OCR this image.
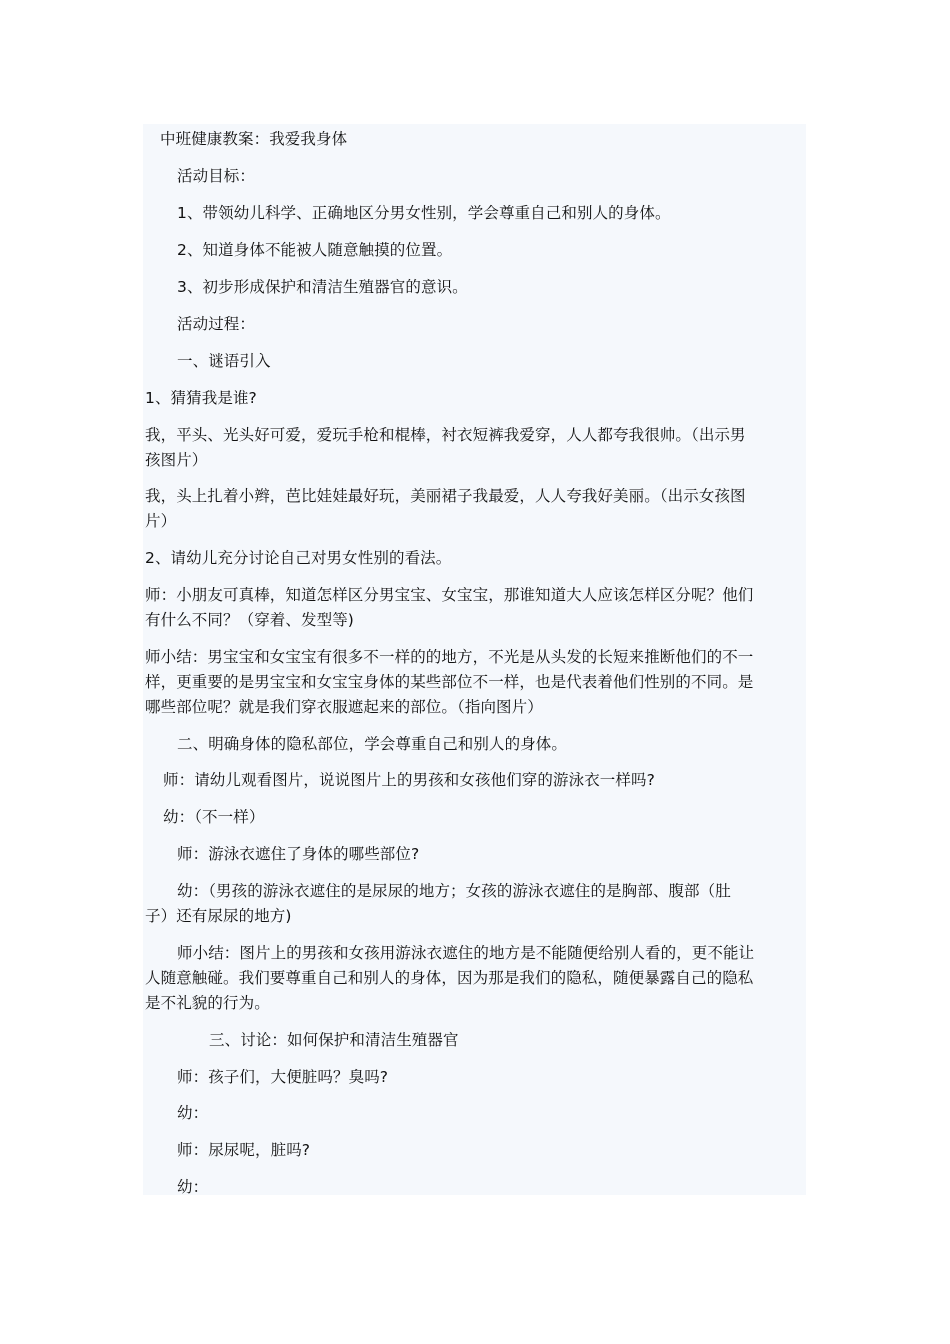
中班健康教案：我爱我身体
活动目标：
1、带领幼儿科学、正确地区分男女性别，学会尊重自己和别人的身体。
2、知道身体不能被人随意触摸的位置。
3、初步形成保护和清洁生殖器官的意识。
活动过程：
一、谜语引入
1、猜猜我是谁?
我，平头、光头好可爱，爱玩手枪和棍棒，衬衣短裤我爱穿，人人都夸我很帅。（出示男
孩图片）
我，头上扎着小辫，芭比娃娃最好玩，美丽裙子我最爱，人人夸我好美丽。（出示女孩图
片）
2、请幼儿充分讨论自己对男女性别的看法。
师：小朋友可真棒，知道怎样区分男宝宝、女宝宝，那谁知道大人应该怎样区分呢？他们
有什么不同？（穿着、发型等)
师小结：男宝宝和女宝宝有很多不一样的的地方，不光是从头发的长短来推断他们的不一
样，更重要的是男宝宝和女宝宝身体的某些部位不一样，也是代表着他们性别的不同。是
哪些部位呢？就是我们穿衣服遮起来的部位。（指向图片）
二、明确身体的隐私部位，学会尊重自己和别人的身体。
师：请幼儿观看图片，说说图片上的男孩和女孩他们穿的游泳衣一样吗?
幼：（不一样）
师：游泳衣遮住了身体的哪些部位?
幼：（男孩的游泳衣遮住的是尿尿的地方；女孩的游泳衣遮住的是胸部、腹部（肚
子）还有尿尿的地方)
师小结：图片上的男孩和女孩用游泳衣遮住的地方是不能随便给别人看的，更不能让
人随意触碰。我们要尊重自己和别人的身体，因为那是我们的隐私，随便暴露自己的隐私
是不礼貌的行为。
三、讨论：如何保护和清洁生殖器官
师：孩子们，大便脏吗？臭吗?
幼：
师：尿尿呢，脏吗?
幼：
